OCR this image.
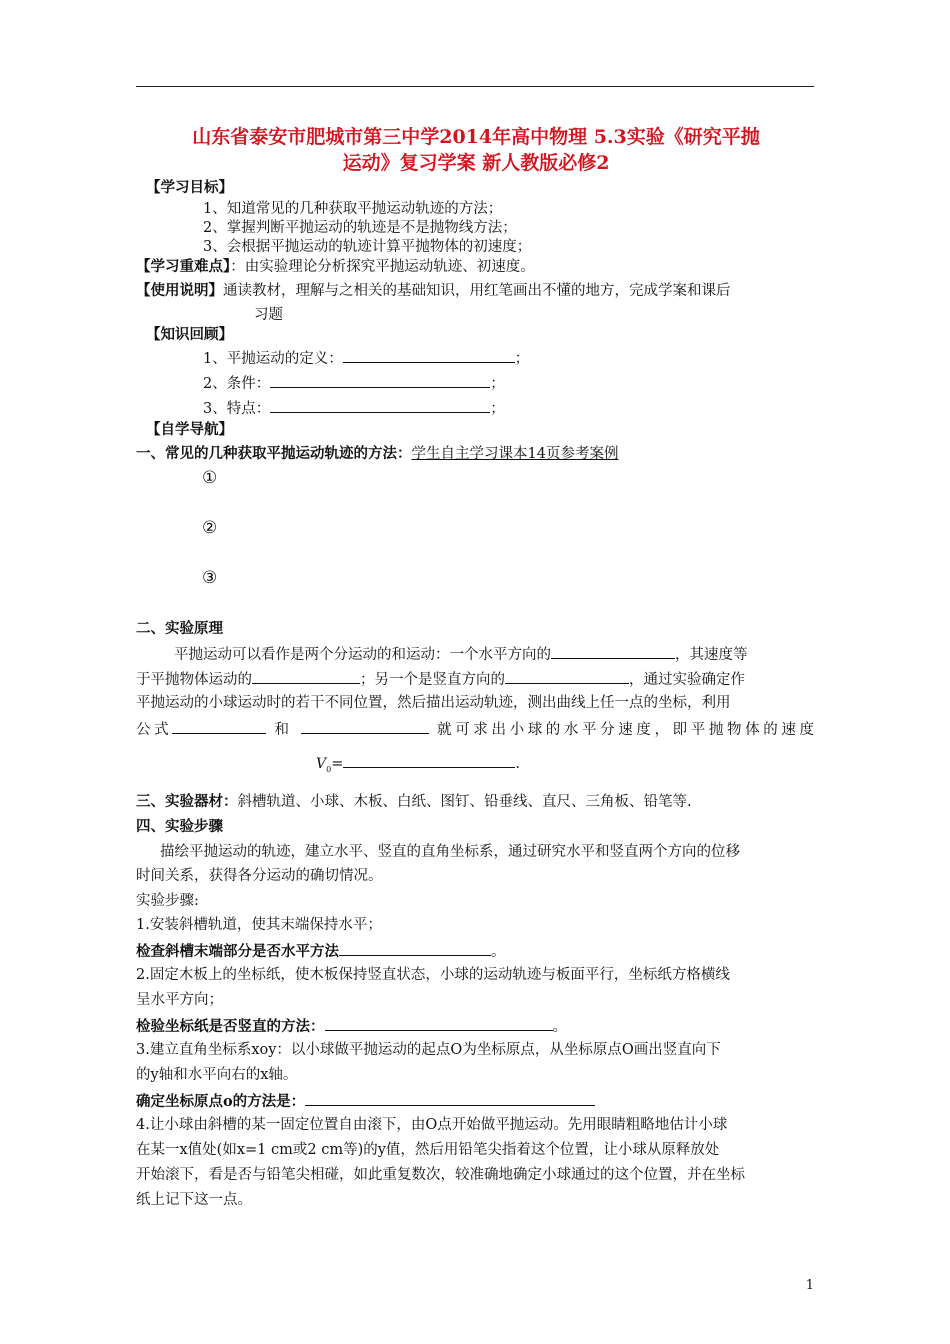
山东省泰安市肥城市第三中学2014年高中物理 5.3实验《研究平抛
运动》复习学案 新人教版必修2
【学习目标】
1、知道常见的几种获取平抛运动轨迹的方法；
2、掌握判断平抛运动的轨迹是不是抛物线方法；
3、会根据平抛运动的轨迹计算平抛物体的初速度；
【学习重难点】：由实验理论分析探究平抛运动轨迹、初速度。
【使用说明】通读教材，理解与之相关的基础知识，用红笔画出不懂的地方，完成学案和课后
习题
【知识回顾】
1、平抛运动的定义：	；
2、条件：	；
3、特点：	；
【自学导航】
一、常见的几种获取平抛运动轨迹的方法：学生自主学习课本14页参考案例
①
②
③
二、实验原理
平抛运动可以看作是两个分运动的和运动：一个水平方向的	，其速度等
于平抛物体运动的	；另一个是竖直方向的	，通过实验确定作
平抛运动的小球运动时的若干不同位置，然后描出运动轨迹，测出曲线上任一点的坐标，利用
公式	和	就可求出小球的水平分速度，即平抛物体的速度
$V_0=$	.
三、实验器材：斜槽轨道、小球、木板、白纸、图钉、铅垂线、直尺、三角板、铅笔等.
四、实验步骤
描绘平抛运动的轨迹，建立水平、竖直的直角坐标系，通过研究水平和竖直两个方向的位移
时间关系，获得各分运动的确切情况。
实验步骤:
1.安装斜槽轨道，使其末端保持水平；
检查斜槽末端部分是否水平方法	。
2.固定木板上的坐标纸，使木板保持竖直状态，小球的运动轨迹与板面平行，坐标纸方格横线
呈水平方向；
检验坐标纸是否竖直的方法：	。
3.建立直角坐标系xoy：以小球做平抛运动的起点O为坐标原点，从坐标原点O画出竖直向下
的y轴和水平向右的x轴。
确定坐标原点o的方法是：
4.让小球由斜槽的某一固定位置自由滚下，由O点开始做平抛运动。先用眼睛粗略地估计小球
在某一x值处(如x=1 cm或2 cm等)的y值，然后用铅笔尖指着这个位置，让小球从原释放处
开始滚下，看是否与铅笔尖相碰，如此重复数次，较准确地确定小球通过的这个位置，并在坐标
纸上记下这一点。
1
